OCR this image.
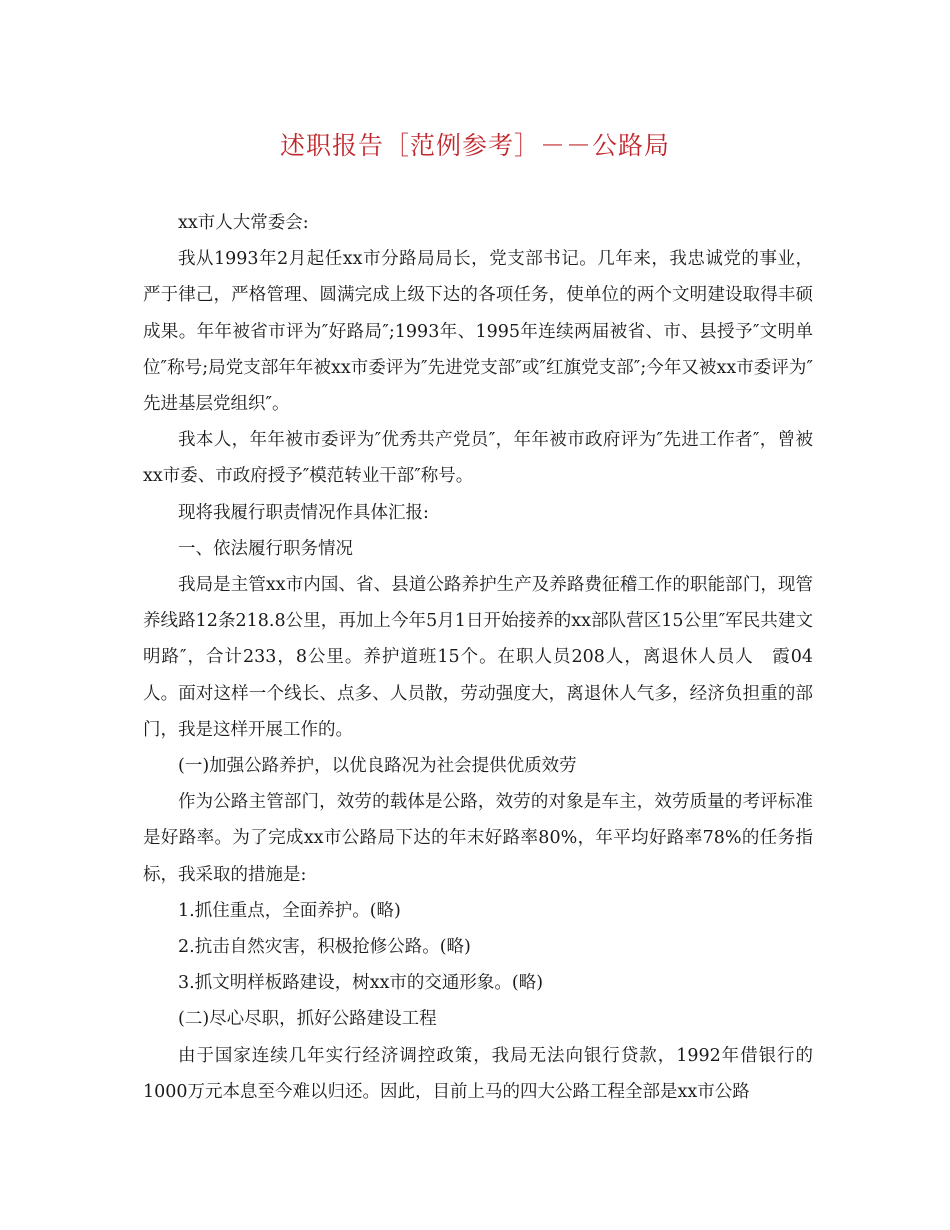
述职报告［范例参考］－－公路局

xx市人大常委会:

我从1993年2月起任xx市分路局局长，党支部书记。几年来，我忠诚党的事业，严于律己，严格管理、圆满完成上级下达的各项任务，使单位的两个文明建设取得丰硕成果。年年被省市评为″好路局″;1993年、1995年连续两届被省、市、县授予″文明单位″称号;局党支部年年被xx市委评为″先进党支部″或″红旗党支部″;今年又被xx市委评为″先进基层党组织″。

我本人，年年被市委评为″优秀共产党员″，年年被市政府评为″先进工作者″，曾被xx市委、市政府授予″模范转业干部″称号。

现将我履行职责情况作具体汇报:

一、依法履行职务情况

我局是主管xx市内国、省、县道公路养护生产及养路费征稽工作的职能部门，现管养线路12条218.8公里，再加上今年5月1日开始接养的xx部队营区15公里″军民共建文明路″，合计233，8公里。养护道班15个。在职人员208人，离退休人员人　霞04人。面对这样一个线长、点多、人员散，劳动强度大，离退休人气多，经济负担重的部门，我是这样开展工作的。

(一)加强公路养护，以优良路况为社会提供优质效劳

作为公路主管部门，效劳的载体是公路，效劳的对象是车主，效劳质量的考评标准是好路率。为了完成xx市公路局下达的年末好路率80%，年平均好路率78%的任务指标，我采取的措施是:

1.抓住重点，全面养护。(略)

2.抗击自然灾害，积极抢修公路。(略)

3.抓文明样板路建设，树xx市的交通形象。(略)

(二)尽心尽职，抓好公路建设工程

由于国家连续几年实行经济调控政策，我局无法向银行贷款，1992年借银行的1000万元本息至今难以归还。因此，目前上马的四大公路工程全部是xx市公路
